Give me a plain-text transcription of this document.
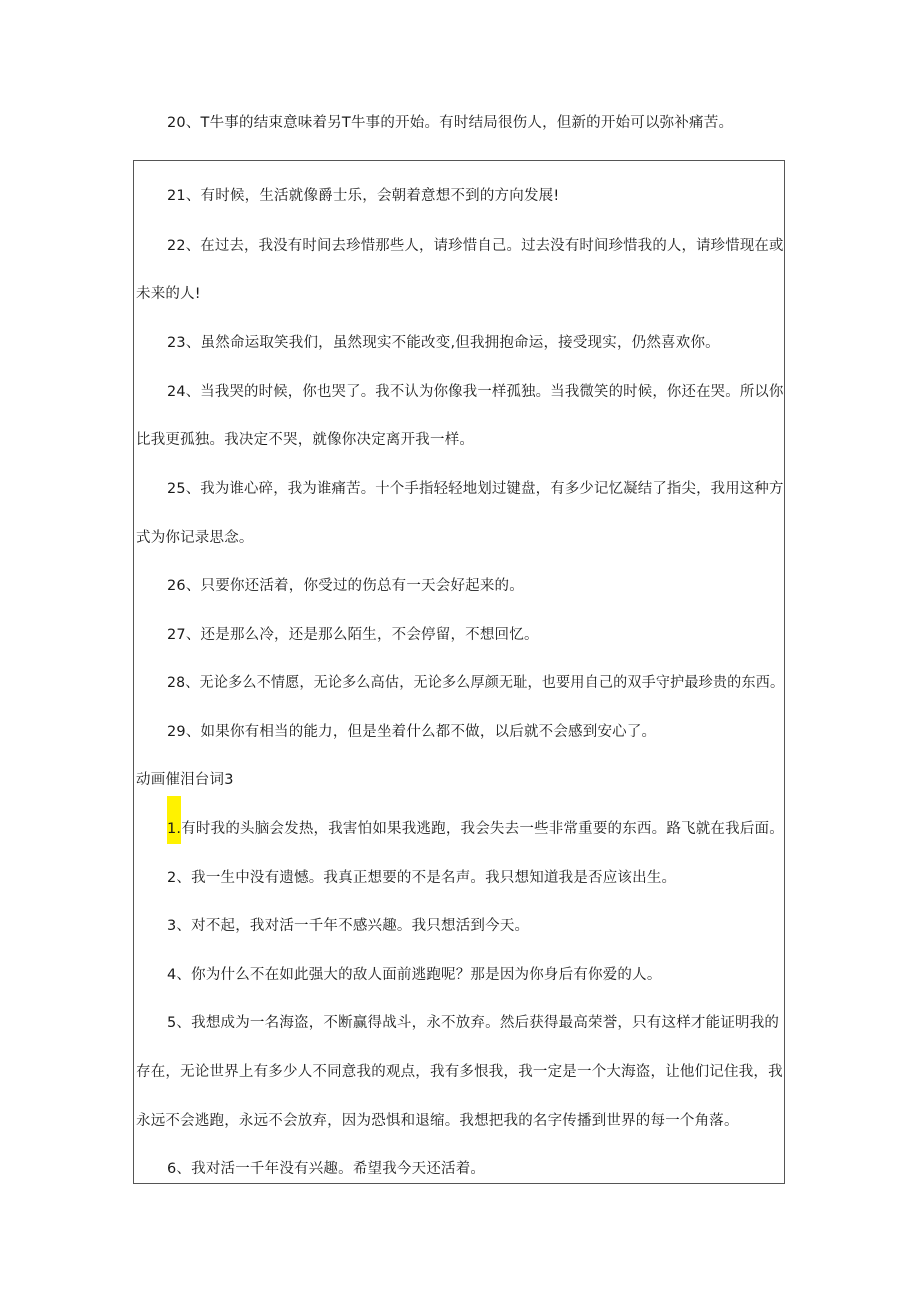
20、T牛事的结束意味着另T牛事的开始。有时结局很伤人，但新的开始可以弥补痛苦。
21、有时候，生活就像爵士乐，会朝着意想不到的方向发展!
22、在过去，我没有时间去珍惜那些人，请珍惜自己。过去没有时间珍惜我的人，请珍惜现在或
未来的人!
23、虽然命运取笑我们，虽然现实不能改变,但我拥抱命运，接受现实，仍然喜欢你。
24、当我哭的时候，你也哭了。我不认为你像我一样孤独。当我微笑的时候，你还在哭。所以你
比我更孤独。我决定不哭，就像你决定离开我一样。
25、我为谁心碎，我为谁痛苦。十个手指轻轻地划过键盘，有多少记忆凝结了指尖，我用这种方
式为你记录思念。
26、只要你还活着，你受过的伤总有一天会好起来的。
27、还是那么冷，还是那么陌生，不会停留，不想回忆。
28、无论多么不情愿，无论多么高估，无论多么厚颜无耻，也要用自己的双手守护最珍贵的东西。
29、如果你有相当的能力，但是坐着什么都不做，以后就不会感到安心了。
动画催泪台词3
1.有时我的头脑会发热，我害怕如果我逃跑，我会失去一些非常重要的东西。路飞就在我后面。
2、我一生中没有遗憾。我真正想要的不是名声。我只想知道我是否应该出生。
3、对不起，我对活一千年不感兴趣。我只想活到今天。
4、你为什么不在如此强大的敌人面前逃跑呢？那是因为你身后有你爱的人。
5、我想成为一名海盗，不断赢得战斗，永不放弃。然后获得最高荣誉，只有这样才能证明我的
存在，无论世界上有多少人不同意我的观点，我有多恨我，我一定是一个大海盗，让他们记住我，我
永远不会逃跑，永远不会放弃，因为恐惧和退缩。我想把我的名字传播到世界的每一个角落。
6、我对活一千年没有兴趣。希望我今天还活着。
